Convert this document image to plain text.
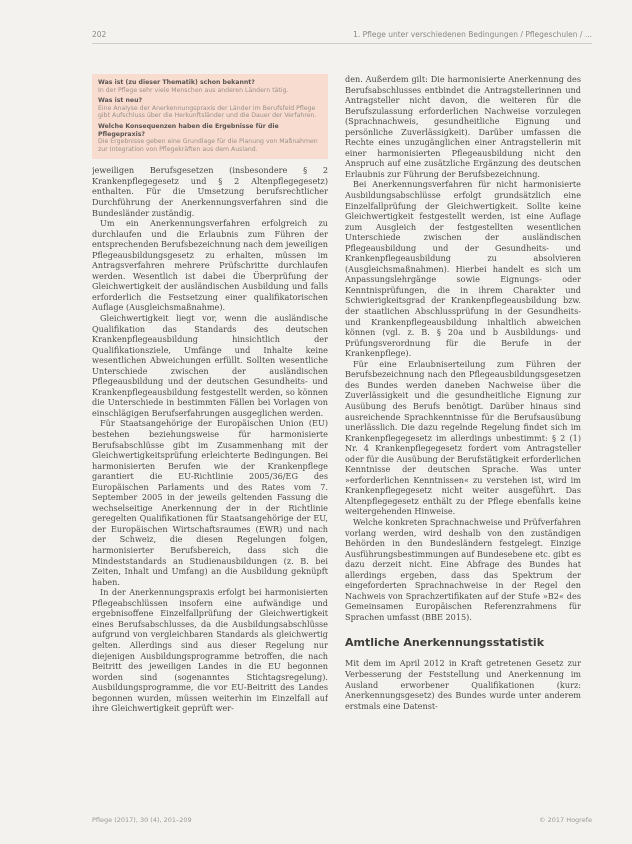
202	1. Pflege unter verschiedenen Bedingungen / Pflegeschulen / ...
Was ist (zu dieser Thematik) schon bekannt?
In der Pflege sehr viele Menschen aus anderen Ländern tätig.
Was ist neu?
Eine Analyse der Anerkennungspraxis der Länder im Berufsfeld Pflege gibt Aufschluss über die Herkunftsländer und die Dauer der Verfahren.
Welche Konsequenzen haben die Ergebnisse für die Pflegepraxis?
Die Ergebnisse geben eine Grundlage für die Planung von Maßnahmen zur Integration von Pflegekräften aus dem Ausland.

jeweiligen Berufsgesetzen (insbesondere § 2 Krankenpflegegesetz und § 2 Altenpflegegesetz) enthalten. Für die Umsetzung berufsrechtlicher Durchführung der Anerkennungsverfahren sind die Bundesländer zuständig.

Um ein Anerkennungsverfahren erfolgreich zu durchlaufen und die Erlaubnis zum Führen der entsprechenden Berufsbezeichnung nach dem jeweiligen Pflegeausbildungsgesetz zu erhalten, müssen im Antragsverfahren mehrere Prüfschritte durchlaufen werden. Wesentlich ist dabei die Überprüfung der Gleichwertigkeit der ausländischen Ausbildung und falls erforderlich die Festsetzung einer qualifikatorischen Auflage (Ausgleichsmaßnahme).

Gleichwertigkeit liegt vor, wenn die ausländische Qualifikation das Standards des deutschen Krankenpflegeausbildung hinsichtlich der Qualifikationsziele, Umfänge und Inhalte keine wesentlichen Abweichungen erfüllt. Sollten wesentliche Unterschiede zwischen der ausländischen Pflegeausbildung und der deutschen Gesundheits- und Krankenpflegeausbildung festgestellt werden, so können die Unterschiede in bestimmten Fällen bei Vorlagen von einschlägigen Berufserfahrungen ausgeglichen werden.

Für Staatsangehörige der Europäischen Union (EU) bestehen beziehungsweise für harmonisierte Berufsabschlüsse gibt im Zusammenhang mit der Gleichwertigkeitsprüfung erleichterte Bedingungen. Bei harmonisierten Berufen wie der Krankenpflege garantiert die EU-Richtlinie 2005/36/EG des Europäischen Parlaments und des Rates vom 7. September 2005 in der jeweils geltenden Fassung die wechselseitige Anerkennung der in der Richtlinie geregelten Qualifikationen für Staatsangehörige der EU, der Europäischen Wirtschaftsraumes (EWR) und nach der Schweiz, die diesen Regelungen folgen, harmonisierter Berufsbereich, dass sich die Mindeststandards an Studienausbildungen (z. B. bei Zeiten, Inhalt und Umfang) an die Ausbildung geknüpft haben.

In der Anerkennungspraxis erfolgt bei harmonisierten Pflegeabschlüssen insofern eine aufwändige und ergebnisoffene Einzelfallprüfung der Gleichwertigkeit eines Berufsabschlusses, da die Ausbildungsabschlüsse aufgrund von vergleichbaren Standards als gleichwertig gelten. Allerdings sind aus dieser Regelung nur diejenigen Ausbildungsprogramme betroffen, die nach Beitritt des jeweiligen Landes in die EU begonnen worden sind (sogenanntes Stichtagsregelung). Ausbildungsprogramme, die vor EU-Beitritt des Landes begonnen wurden, müssen weiterhin im Einzelfall auf ihre Gleichwertigkeit geprüft wer-

den. Außerdem gilt: Die harmonisierte Anerkennung des Berufsabschlusses entbindet die Antragstellerinnen und Antragsteller nicht davon, die weiteren für die Berufszulassung erforderlichen Nachweise vorzulegen (Sprachnachweis, gesundheitliche Eignung und persönliche Zuverlässigkeit). Darüber umfassen die Rechte eines unzugänglichen einer Antragstellerin mit einer harmonisierten Pflegeausbildung nicht den Anspruch auf eine zusätzliche Ergänzung des deutschen Erlaubnis zur Führung der Berufsbezeichnung.

Bei Anerkennungsverfahren für nicht harmonisierte Ausbildungsabschlüsse erfolgt grundsätzlich eine Einzelfallprüfung der Gleichwertigkeit. Sollte keine Gleichwertigkeit festgestellt werden, ist eine Auflage zum Ausgleich der festgestellten wesentlichen Unterschiede zwischen der ausländischen Pflegeausbildung und der Gesundheits- und Krankenpflegeausbildung zu absolvieren (Ausgleichsmaßnahmen). Hierbei handelt es sich um Anpassungslehrgänge sowie Eignungs- oder Kenntnisprüfungen, die in ihrem Charakter und Schwierigkeitsgrad der Krankenpflegeausbildung bzw. der staatlichen Abschlussprüfung in der Gesundheits- und Krankenpflegeausbildung inhaltlich abweichen können (vgl. z. B. § 20a und b Ausbildungs- und Prüfungsverordnung für die Berufe in der Krankenpflege).

Für eine Erlaubniserteilung zum Führen der Berufsbezeichnung nach den Pflegeausbildungsgesetzen des Bundes werden daneben Nachweise über die Zuverlässigkeit und die gesundheitliche Eignung zur Ausübung des Berufs benötigt. Darüber hinaus sind ausreichende Sprachkenntnisse für die Berufsausübung unerlässlich. Die dazu regelnde Regelung findet sich im Krankenpflegegesetz im allerdings unbestimmt: § 2 (1) Nr. 4 Krankenpflegegesetz fordert vom Antragsteller oder für die Ausübung der Berufstätigkeit erforderlichen Kenntnisse der deutschen Sprache. Was unter »erforderlichen Kenntnissen« zu verstehen ist, wird im Krankenpflegegesetz nicht weiter ausgeführt. Das Altenpflegegesetz enthält zu der Pflege ebenfalls keine weitergehenden Hinweise.

Welche konkreten Sprachnachweise und Prüfverfahren vorlang werden, wird deshalb von den zuständigen Behörden in den Bundesländern festgelegt. Einzige Ausführungsbestimmungen auf Bundesebene etc. gibt es dazu derzeit nicht. Eine Abfrage des Bundes hat allerdings ergeben, dass das Spektrum der eingeforderten Sprachnachweise in der Regel den Nachweis von Sprachzertifikaten auf der Stufe »B2« des Gemeinsamen Europäischen Referenzrahmens für Sprachen umfasst (BBE 2015).

Amtliche Anerkennungsstatistik

Mit dem im April 2012 in Kraft getretenen Gesetz zur Verbesserung der Feststellung und Anerkennung im Ausland erworbener Qualifikationen (kurz: Anerkennungsgesetz) des Bundes wurde unter anderem erstmals eine Datenst-

Pflege (2017), 30 (4), 201–209	© 2017 Hogrefe
